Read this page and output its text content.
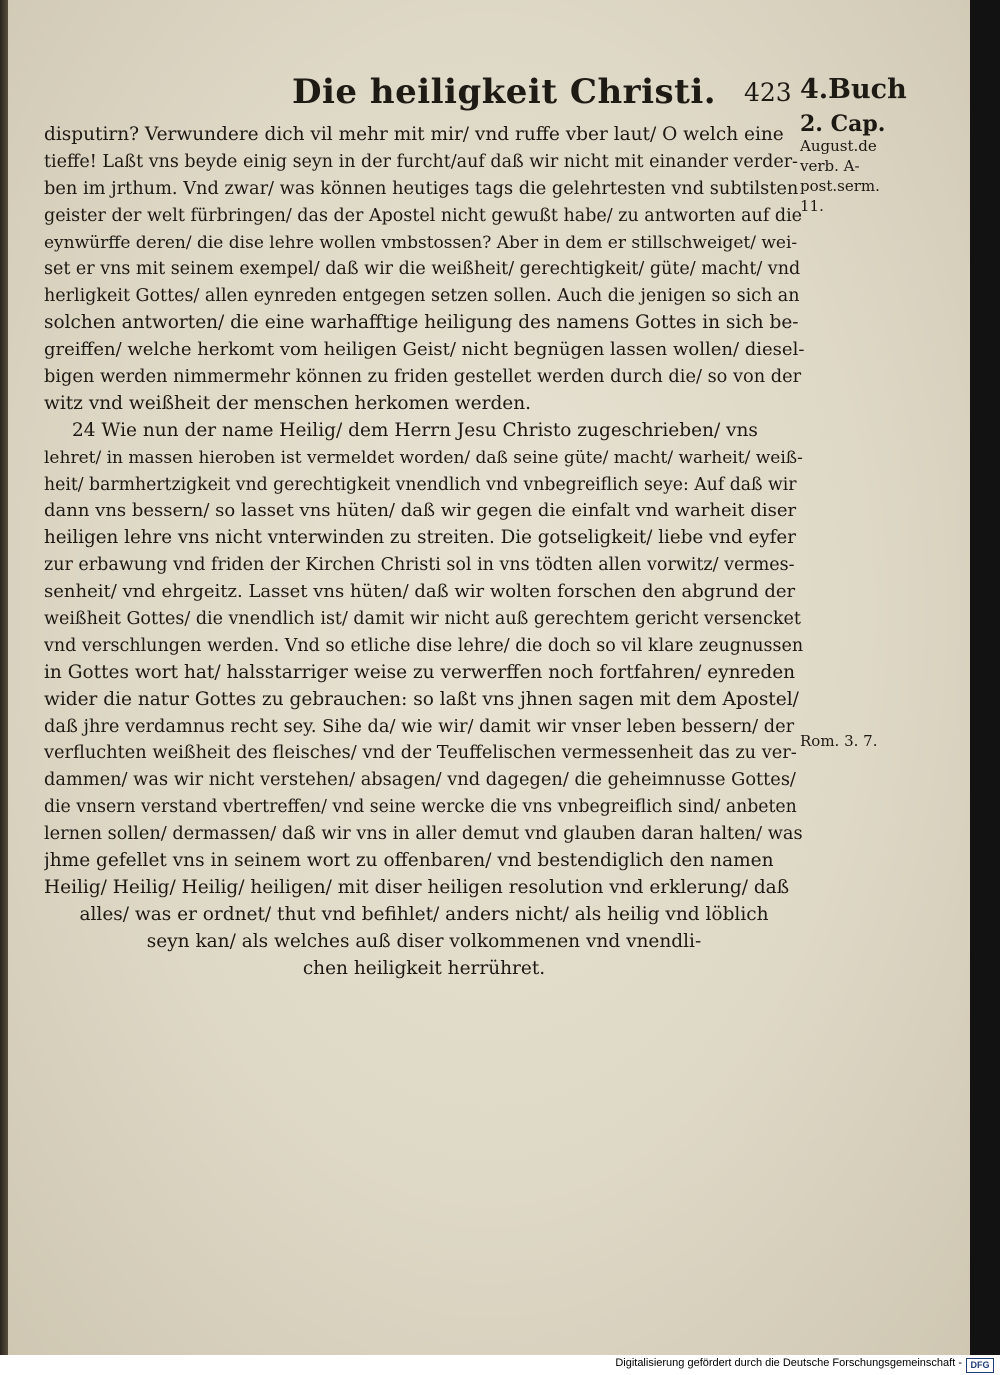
Die heiligkeit Christi. 423 4.Buch
2. Cap.
August.de
verb. A-
post.serm.
11.
Rom. 3. 7.
disputirn? Verwundere dich vil mehr mit mir/ vnd ruffe vber laut/ O welch eine
tieffe! Laßt vns beyde einig seyn in der furcht/auf daß wir nicht mit einander verder-
ben im jrthum. Vnd zwar/ was können heutiges tags die gelehrtesten vnd subtilsten
geister der welt fürbringen/ das der Apostel nicht gewußt habe/ zu antworten auf die
eynwürffe deren/ die dise lehre wollen vmbstossen? Aber in dem er stillschweiget/ wei-
set er vns mit seinem exempel/ daß wir die weißheit/ gerechtigkeit/ güte/ macht/ vnd
herligkeit Gottes/ allen eynreden entgegen setzen sollen. Auch die jenigen so sich an
solchen antworten/ die eine warhafftige heiligung des namens Gottes in sich be-
greiffen/ welche herkomt vom heiligen Geist/ nicht begnügen lassen wollen/ diesel-
bigen werden nimmermehr können zu friden gestellet werden durch die/ so von der
witz vnd weißheit der menschen herkomen werden.
24 Wie nun der name Heilig/ dem Herrn Jesu Christo zugeschrieben/ vns
lehret/ in massen hieroben ist vermeldet worden/ daß seine güte/ macht/ warheit/ weiß-
heit/ barmhertzigkeit vnd gerechtigkeit vnendlich vnd vnbegreiflich seye: Auf daß wir
dann vns bessern/ so lasset vns hüten/ daß wir gegen die einfalt vnd warheit diser
heiligen lehre vns nicht vnterwinden zu streiten. Die gotseligkeit/ liebe vnd eyfer
zur erbawung vnd friden der Kirchen Christi sol in vns tödten allen vorwitz/ vermes-
senheit/ vnd ehrgeitz. Lasset vns hüten/ daß wir wolten forschen den abgrund der
weißheit Gottes/ die vnendlich ist/ damit wir nicht auß gerechtem gericht versencket
vnd verschlungen werden. Vnd so etliche dise lehre/ die doch so vil klare zeugnussen
in Gottes wort hat/ halsstarriger weise zu verwerffen noch fortfahren/ eynreden
wider die natur Gottes zu gebrauchen: so laßt vns jhnen sagen mit dem Apostel/
daß jhre verdamnus recht sey. Sihe da/ wie wir/ damit wir vnser leben bessern/ der
verfluchten weißheit des fleisches/ vnd der Teuffelischen vermessenheit das zu ver-
dammen/ was wir nicht verstehen/ absagen/ vnd dagegen/ die geheimnusse Gottes/
die vnsern verstand vbertreffen/ vnd seine wercke die vns vnbegreiflich sind/ anbeten
lernen sollen/ dermassen/ daß wir vns in aller demut vnd glauben daran halten/ was
jhme gefellet vns in seinem wort zu offenbaren/ vnd bestendiglich den namen
Heilig/ Heilig/ Heilig/ heiligen/ mit diser heiligen resolution vnd erklerung/ daß
alles/ was er ordnet/ thut vnd befihlet/ anders nicht/ als heilig vnd löblich
seyn kan/ als welches auß diser volkommenen vnd vnendli-
chen heiligkeit herrühret.
Digitalisierung gefördert durch die Deutsche Forschungsgemeinschaft - DFG
